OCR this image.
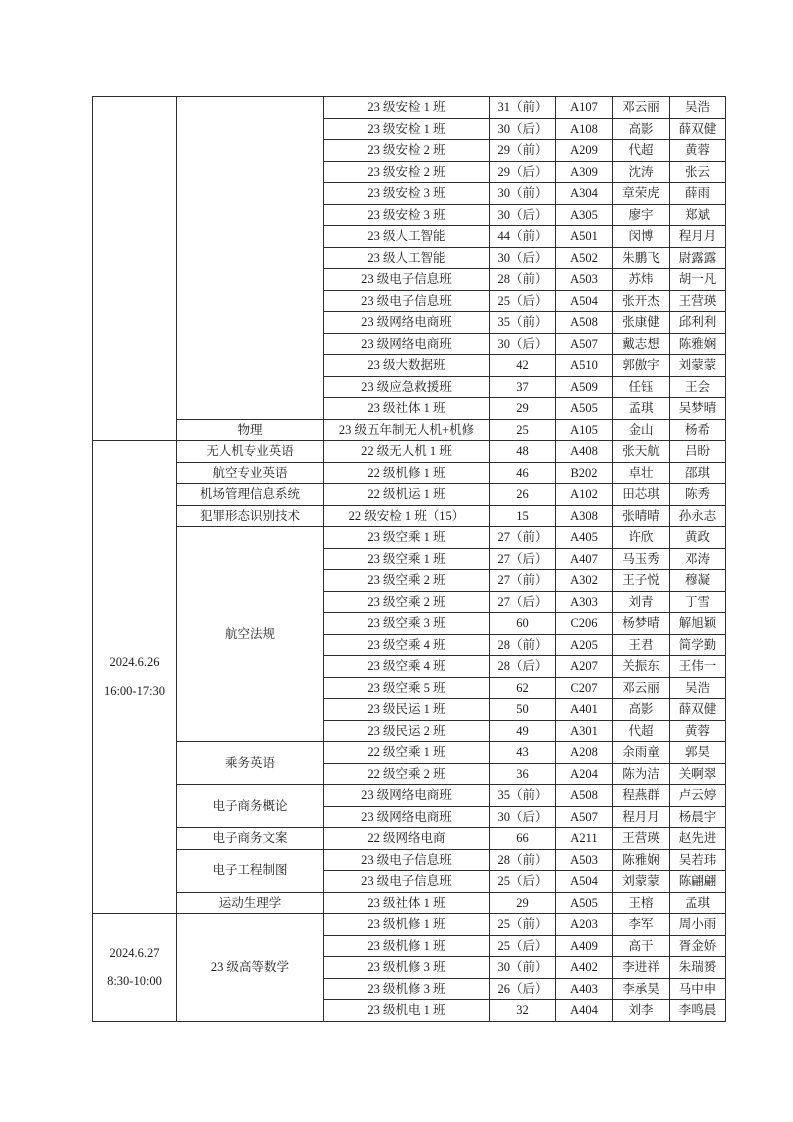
		23 级安检 1 班	31（前）	A107	邓云丽	吴浩
		23 级安检 1 班	30（后）	A108	高影	薛双健
		23 级安检 2 班	29（前）	A209	代超	黄蓉
		23 级安检 2 班	29（后）	A309	沈涛	张云
		23 级安检 3 班	30（前）	A304	章荣虎	薛雨
		23 级安检 3 班	30（后）	A305	廖宇	郑斌
		23 级人工智能	44（前）	A501	闵博	程月月
		23 级人工智能	30（后）	A502	朱鹏飞	尉露露
		23 级电子信息班	28（前）	A503	苏炜	胡一凡
		23 级电子信息班	25（后）	A504	张开杰	王营瑛
		23 级网络电商班	35（前）	A508	张康健	邱利利
		23 级网络电商班	30（后）	A507	戴志想	陈雅娴
		23 级大数据班	42	A510	郭傲宇	刘蒙蒙
		23 级应急救援班	37	A509	任钰	王会
		23 级社体 1 班	29	A505	孟琪	吴梦晴
	物理	23 级五年制无人机+机修	25	A105	金山	杨希

2024.6.26
16:00-17:30	无人机专业英语	22 级无人机 1 班	48	A408	张天航	吕盼
	航空专业英语	22 级机修 1 班	46	B202	卓壮	邵琪
	机场管理信息系统	22 级机运 1 班	26	A102	田芯琪	陈秀
	犯罪形态识别技术	22 级安检 1 班（15）	15	A308	张晴晴	孙永志
	航空法规	23 级空乘 1 班	27（前）	A405	许欣	黄政
		23 级空乘 1 班	27（后）	A407	马玉秀	邓涛
		23 级空乘 2 班	27（前）	A302	王子悦	穆凝
		23 级空乘 2 班	27（后）	A303	刘青	丁雪
		23 级空乘 3 班	60	C206	杨梦晴	解旭颖
		23 级空乘 4 班	28（前）	A205	王君	简学勤
		23 级空乘 4 班	28（后）	A207	关振东	王伟一
		23 级空乘 5 班	62	C207	邓云丽	吴浩
		23 级民运 1 班	50	A401	高影	薛双健
		23 级民运 2 班	49	A301	代超	黄蓉
	乘务英语	22 级空乘 1 班	43	A208	余雨童	郭昊
		22 级空乘 2 班	36	A204	陈为洁	关啊翠
	电子商务概论	23 级网络电商班	35（前）	A508	程燕群	卢云婷
		23 级网络电商班	30（后）	A507	程月月	杨晨宇
	电子商务文案	22 级网络电商	66	A211	王营瑛	赵先进
	电子工程制图	23 级电子信息班	28（前）	A503	陈雅娴	吴若玮
		23 级电子信息班	25（后）	A504	刘蒙蒙	陈翩翩
	运动生理学	23 级社体 1 班	29	A505	王榕	孟琪

2024.6.27
8:30-10:00	23 级高等数学	23 级机修 1 班	25（前）	A203	李军	周小雨
		23 级机修 1 班	25（后）	A409	高干	胥金娇
		23 级机修 3 班	30（前）	A402	李进祥	朱瑞赟
		23 级机修 3 班	26（后）	A403	李承昊	马中申
		23 级机电 1 班	32	A404	刘李	李鸣晨
